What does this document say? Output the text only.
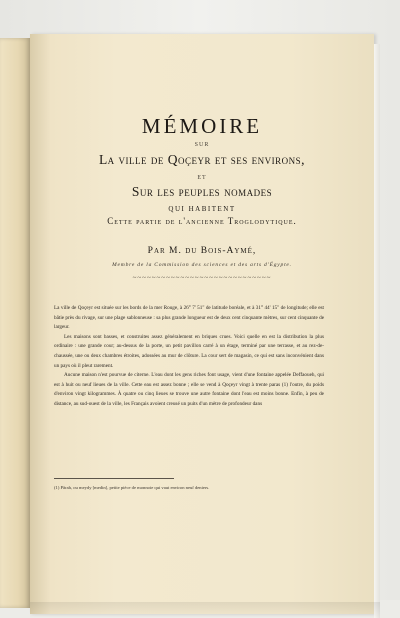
MÉMOIRE
SUR
La ville de Qoçeyr et ses environs,
ET
Sur les peuples nomades
QUI HABITENT
Cette partie de l'ancienne Troglodytique.
Par M. du Bois-Aymé,
Membre de la Commission des sciences et des arts d'Égypte.
~~~~~~~~~~~~~~~~~~~~~~~~~~~~~

La ville de Qoçeyr est située sur les bords de la mer Rouge, à 26° 7' 51" de latitude boréale, et à 31° 44' 15" de longitude; elle est bâtie près du rivage, sur une plage sablonneuse : sa plus grande longueur est de deux cent cinquante mètres, sur cent cinquante de largeur.

Les maisons sont basses, et construites assez généralement en briques crues. Voici quelle en est la distribution la plus ordinaire : une grande cour; au-dessus de la porte, un petit pavillon carré à un étage, terminé par une terrasse, et au rez-de-chaussée, une ou deux chambres étroites, adossées au mur de clôture. La cour sert de magasin, ce qui est sans inconvénient dans un pays où il pleut rarement.

Aucune maison n'est pourvue de citerne. L'eau dont les gens riches font usage, vient d'une fontaine appelée Deffaoueh, qui est à huit ou neuf lieues de la ville. Cette eau est assez bonne ; elle se vend à Qoçeyr vingt à trente paras (1) l'outre, du poids d'environ vingt kilogrammes. À quatre ou cinq lieues se trouve une autre fontaine dont l'eau est moins bonne. Enfin, à peu de distance, au sud-ouest de la ville, les Français avoient creusé un puits d'un mètre de profondeur dans

(1) Pârah, ou meydy [medin], petite pièce de monnoie qui vaut environ neuf deniers.
